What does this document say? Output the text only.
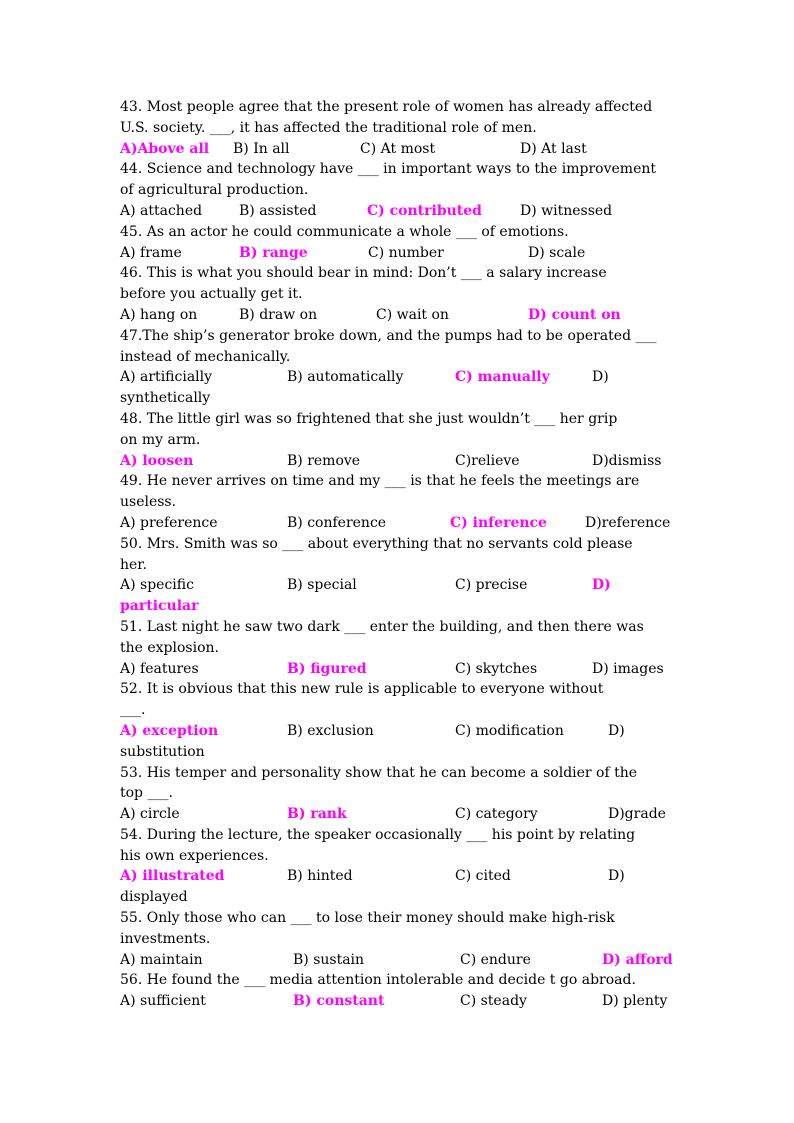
43. Most people agree that the present role of women has already affected
U.S. society. ___, it has affected the traditional role of men.
A)Above all B) In all	C) At most	D) At last
44. Science and technology have ___ in important ways to the improvement
of agricultural production.
A) attached	B) assisted	C) contributed	D) witnessed
45. As an actor he could communicate a whole ___ of emotions.
A) frame	B) range	C) number	D) scale
46. This is what you should bear in mind: Don’t ___ a salary increase
before you actually get it.
A) hang on	B) draw on	C) wait on	D) count on
47.The ship’s generator broke down, and the pumps had to be operated ___
instead of mechanically.
A) artificially	B) automatically	C) manually	D)
synthetically
48. The little girl was so frightened that she just wouldn’t ___ her grip
on my arm.
A) loosen	B) remove	C)relieve	D)dismiss
49. He never arrives on time and my ___ is that he feels the meetings are
useless.
A) preference	B) conference	C) inference	D)reference
50. Mrs. Smith was so ___ about everything that no servants cold please
her.
A) specific	B) special	C) precise	D)
particular
51. Last night he saw two dark ___ enter the building, and then there was
the explosion.
A) features	B) figured	C) skytches	D) images
52. It is obvious that this new rule is applicable to everyone without
___.
A) exception	B) exclusion	C) modification	D)
substitution
53. His temper and personality show that he can become a soldier of the
top ___.
A) circle	B) rank	C) category	D)grade
54. During the lecture, the speaker occasionally ___ his point by relating
his own experiences.
A) illustrated	B) hinted	C) cited	D)
displayed
55. Only those who can ___ to lose their money should make high-risk
investments.
A) maintain	B) sustain	C) endure	D) afford
56. He found the ___ media attention intolerable and decide t go abroad.
A) sufficient	B) constant	C) steady	D) plenty
